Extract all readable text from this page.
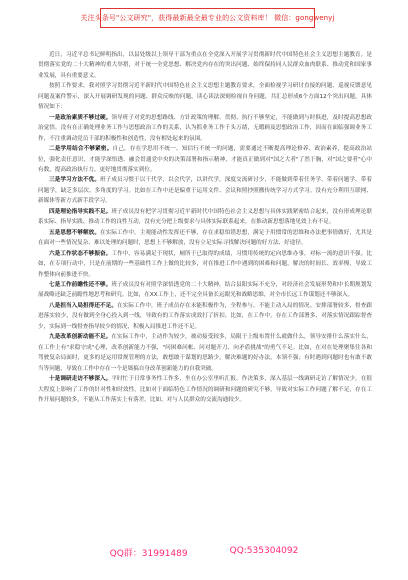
关注头条号"公文研究"，获得最新最全最专业的公文资料库！ 微信：gongwenyj

近日，习近平总书记鲜明指出，以县处级以上领导干部为重点在全党深入开展学习贯彻新时代中国特色社会主义思想主题教育。是贯彻落实党的二十大精神的重大举措，对于统一全党思想、解决党内存在的突出问题、始终保持同人民群众血肉联系、推动党和国家事业发展，具有重要意义。

按照工作要求，我对照学习贯彻习近平新时代中国特色社会主义思想主题教育要求，全面检视学习研讨直接的问题、巡视反馈意见问题及案件警示，深入开展调研发现的问题、群众反映的问题，读心读法深刻检视自身问题，共汇总形成6个方面12个突出问题，具体情况如下：

一是政治素质不够过硬。领导班子对党的思想路线、方针政策的理解、贯彻、执行不够坚定，不能做到与时俱进，及时提高思想政治觉悟。没有在正确处理业务工作与思想政治工作的关系，认为抓业务工作千头万绪，无暇顾及思想政治工作，因而在面临强调业务工作，不注重调动党员干部的积极性和创造性，没有相处起来的氛围。

二是学用结合不够紧密。自己，存在学思用不统一、知信行不统一的问题，需要通过不断提高理论修养、政治素养，提高政治站位，强化责任意识，才能学深悟透、融会贯通党中央的决策部署和指示精神，才能真正做到对"国之大者"了然于胸，对"国之要者"心中有数，提高政治执行力，更好地贯彻落实到位。

三是学习方法不优。班子成员习惯于以干代学，以会代学，以讲代学，深度交流研讨少，不能做到带着任务学、带着问题学、带着问题学，缺乏多层次、多角度的学习。比如在工作中还是偏重于运用文件、会议和照抄照搬传统学习方式学习。没有充分利用互联网、新媒体等新方式新手段学习。

四是理论指导实践不足。班子成员没有把学习贯彻习近平新时代中国特色社会主义思想与具体实践紧密结合起来，没有形成理论联系实际、指导实践、推动工作的良性互动，没有充分把上级要求与具体实际联系起来，在推动新思想落地见效上有不足。

五是思想不够解放。在实际工作中，主观能动性发挥还不够，存在求稳怕错思想，满足于用惯常的思维和办法把事情做好，尤其是在面对一些情况复杂、难以处理的问题时，思想上不够解放，没有立足实际寻找解决问题的好方法、好途径。

六是工作状态不够振奋。工作中，容易满足于现状，厕所于已取得的成绩，习惯用传统的定向思维办事，对标一流的意识不强。比如，在专项行动中，只是在前期的一些基础性工作上做的比较多，对在推进工作中遇到的困难和问题，解决的时间长、效率慢，导致工作整体向前推进不快。

七是工作前瞻性还不够。班子成员没有对照学深悟透党的二十大精神，结合县阳实际不充分，对经济社会发展形势和中长期规划发展战略还缺乏前瞻性地思考和研究。比如，在XX工作上，还不完全具备长远眼光和战略思维，对全市长远工作谋划还不够深入。

八是担当入局担得还不足。在实际工作中，班子成员存在未能积极作为，全程参与，不能主动入局的情况。安排部署较多，督查跟进落实较少，没有做到全身心投入到一线，导致有的工作落实成效打了折扣。比如，在工作中，存在工作部署多、对落实情况跟踪督查少，实际到一线督查指导较少的情况，积极入局推进工作还不足。

九是改革创新动能不足。在实际工作中，主动作为较少，被动接受较多，局限于上级布置什么就做什么，领导安排什么落实什么，在工作上有"求稳守成"心理，改革创新能力不强，"问困难问帐、问对题开刀、向矛盾挑战"的勇气不足。比如，在对在处理聚集往各和驾驶复杂局面时，更多的是运用常规管理的方法，敢想敢干谋划的思路少，解决难题的好办法，本领不强；有时遇到问题时也有敢不敢当等问题，导致在工作中存在一个是墙搞自身改革创新能力的自我突破。

十是调研走访不够深入。平时忙于日常事务性工作多，坐在办公室里听汇报、作决策多，深入基层一线调研走访了解情况少，在很大程度上影响了工作的针对性和时效性。比如对于面临特色工作情况的调研和问题的研究不够，导致对实际工作问题了解不足，存在工作开展问题较多，不能从工作落实上有落差。比如，对与人民群众的交流沟通较少。

QQ群：31991489	QQ:535304092
